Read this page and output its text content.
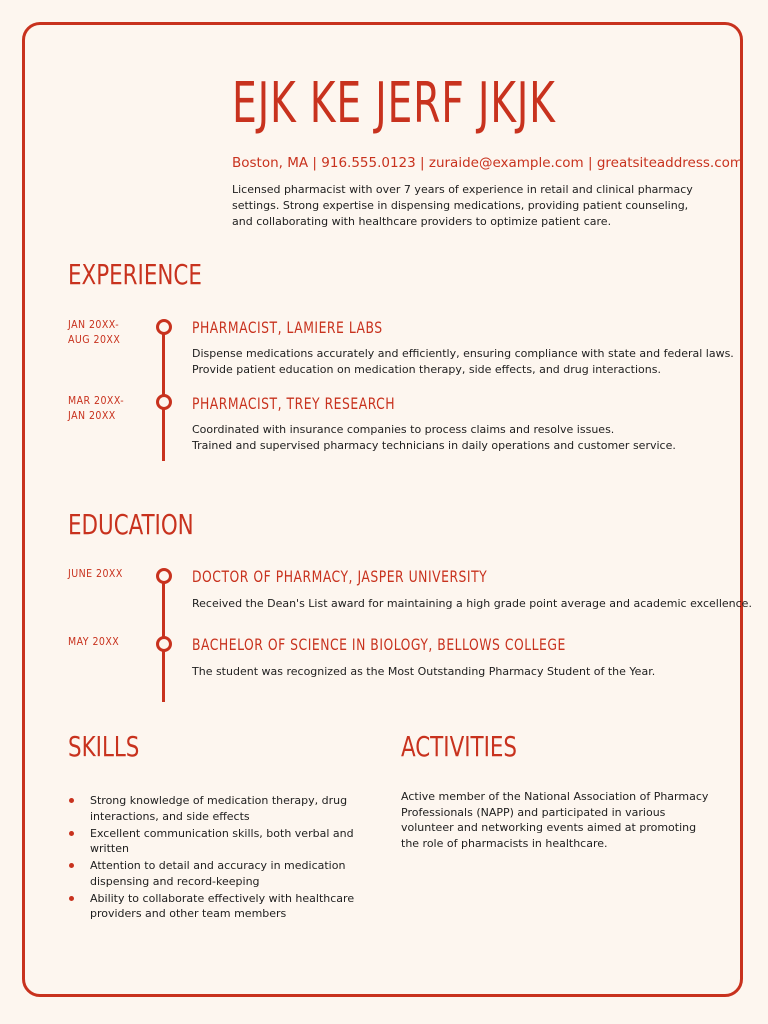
EJK KE JERF JKJK
Boston, MA | 916.555.0123 | zuraide@example.com | greatsiteaddress.com
Licensed pharmacist with over 7 years of experience in retail and clinical pharmacy settings. Strong expertise in dispensing medications, providing patient counseling, and collaborating with healthcare providers to optimize patient care.
EXPERIENCE
JAN 20XX-
AUG 20XX
PHARMACIST, LAMIERE LABS
Dispense medications accurately and efficiently, ensuring compliance with state and federal laws.
Provide patient education on medication therapy, side effects, and drug interactions.
MAR 20XX-
JAN 20XX
PHARMACIST, TREY RESEARCH
Coordinated with insurance companies to process claims and resolve issues.
Trained and supervised pharmacy technicians in daily operations and customer service.
EDUCATION
JUNE 20XX	DOCTOR OF PHARMACY, JASPER UNIVERSITY
Received the Dean's List award for maintaining a high grade point average and academic excellence.
MAY 20XX	BACHELOR OF SCIENCE IN BIOLOGY, BELLOWS COLLEGE
The student was recognized as the Most Outstanding Pharmacy Student of the Year.
SKILLS
Strong knowledge of medication therapy, drug interactions, and side effects
Excellent communication skills, both verbal and written
Attention to detail and accuracy in medication dispensing and record-keeping
Ability to collaborate effectively with healthcare providers and other team members
ACTIVITIES
Active member of the National Association of Pharmacy Professionals (NAPP) and participated in various volunteer and networking events aimed at promoting the role of pharmacists in healthcare.
